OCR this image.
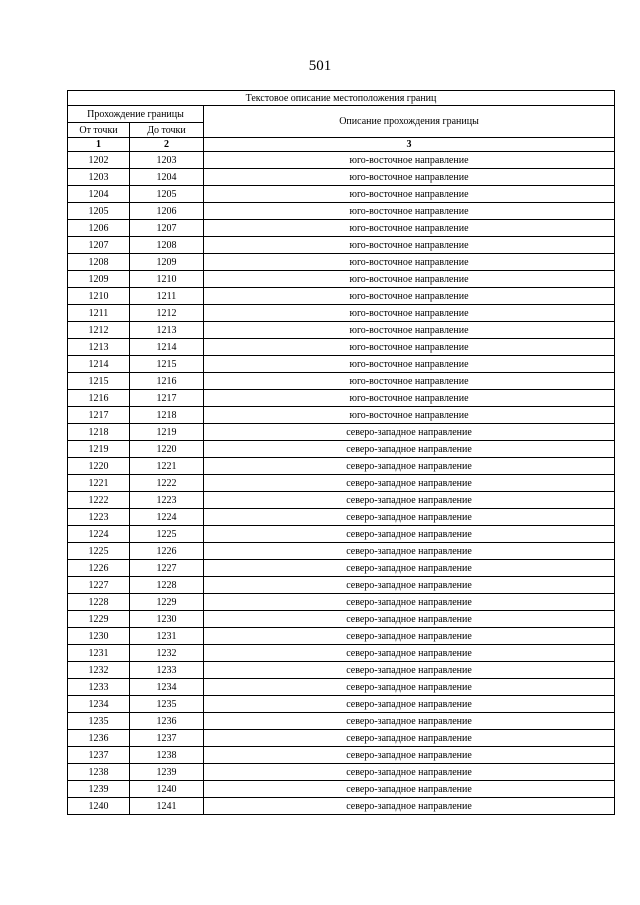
501
Текстовое описание местоположения границ		
Прохождение границы		Описание прохождения границы
От точки	До точки	
1	2	3
1202	1203	юго-восточное направление
1203	1204	юго-восточное направление
1204	1205	юго-восточное направление
1205	1206	юго-восточное направление
1206	1207	юго-восточное направление
1207	1208	юго-восточное направление
1208	1209	юго-восточное направление
1209	1210	юго-восточное направление
1210	1211	юго-восточное направление
1211	1212	юго-восточное направление
1212	1213	юго-восточное направление
1213	1214	юго-восточное направление
1214	1215	юго-восточное направление
1215	1216	юго-восточное направление
1216	1217	юго-восточное направление
1217	1218	юго-восточное направление
1218	1219	северо-западное направление
1219	1220	северо-западное направление
1220	1221	северо-западное направление
1221	1222	северо-западное направление
1222	1223	северо-западное направление
1223	1224	северо-западное направление
1224	1225	северо-западное направление
1225	1226	северо-западное направление
1226	1227	северо-западное направление
1227	1228	северо-западное направление
1228	1229	северо-западное направление
1229	1230	северо-западное направление
1230	1231	северо-западное направление
1231	1232	северо-западное направление
1232	1233	северо-западное направление
1233	1234	северо-западное направление
1234	1235	северо-западное направление
1235	1236	северо-западное направление
1236	1237	северо-западное направление
1237	1238	северо-западное направление
1238	1239	северо-западное направление
1239	1240	северо-западное направление
1240	1241	северо-западное направление
